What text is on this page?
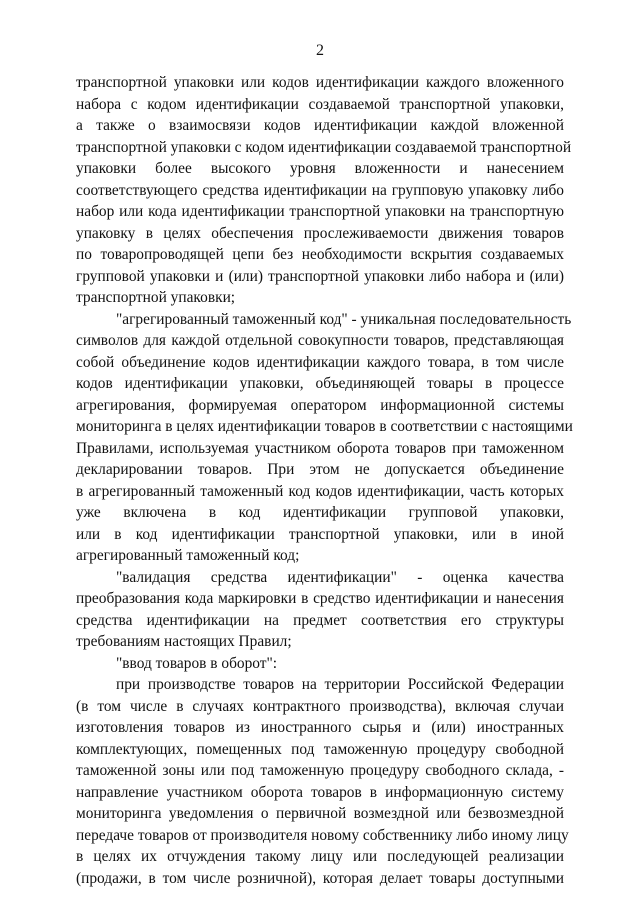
2
транспортной упаковки или кодов идентификации каждого вложенного
набора с кодом идентификации создаваемой транспортной упаковки,
а также о взаимосвязи кодов идентификации каждой вложенной
транспортной упаковки с кодом идентификации создаваемой транспортной
упаковки более высокого уровня вложенности и нанесением
соответствующего средства идентификации на групповую упаковку либо
набор или кода идентификации транспортной упаковки на транспортную
упаковку в целях обеспечения прослеживаемости движения товаров
по товаропроводящей цепи без необходимости вскрытия создаваемых
групповой упаковки и (или) транспортной упаковки либо набора и (или)
транспортной упаковки;
"агрегированный таможенный код" - уникальная последовательность
символов для каждой отдельной совокупности товаров, представляющая
собой объединение кодов идентификации каждого товара, в том числе
кодов идентификации упаковки, объединяющей товары в процессе
агрегирования, формируемая оператором информационной системы
мониторинга в целях идентификации товаров в соответствии с настоящими
Правилами, используемая участником оборота товаров при таможенном
декларировании товаров. При этом не допускается объединение
в агрегированный таможенный код кодов идентификации, часть которых
уже включена в код идентификации групповой упаковки,
или в код идентификации транспортной упаковки, или в иной
агрегированный таможенный код;
"валидация средства идентификации" - оценка качества
преобразования кода маркировки в средство идентификации и нанесения
средства идентификации на предмет соответствия его структуры
требованиям настоящих Правил;
"ввод товаров в оборот":
при производстве товаров на территории Российской Федерации
(в том числе в случаях контрактного производства), включая случаи
изготовления товаров из иностранного сырья и (или) иностранных
комплектующих, помещенных под таможенную процедуру свободной
таможенной зоны или под таможенную процедуру свободного склада, -
направление участником оборота товаров в информационную систему
мониторинга уведомления о первичной возмездной или безвозмездной
передаче товаров от производителя новому собственнику либо иному лицу
в целях их отчуждения такому лицу или последующей реализации
(продажи, в том числе розничной), которая делает товары доступными
